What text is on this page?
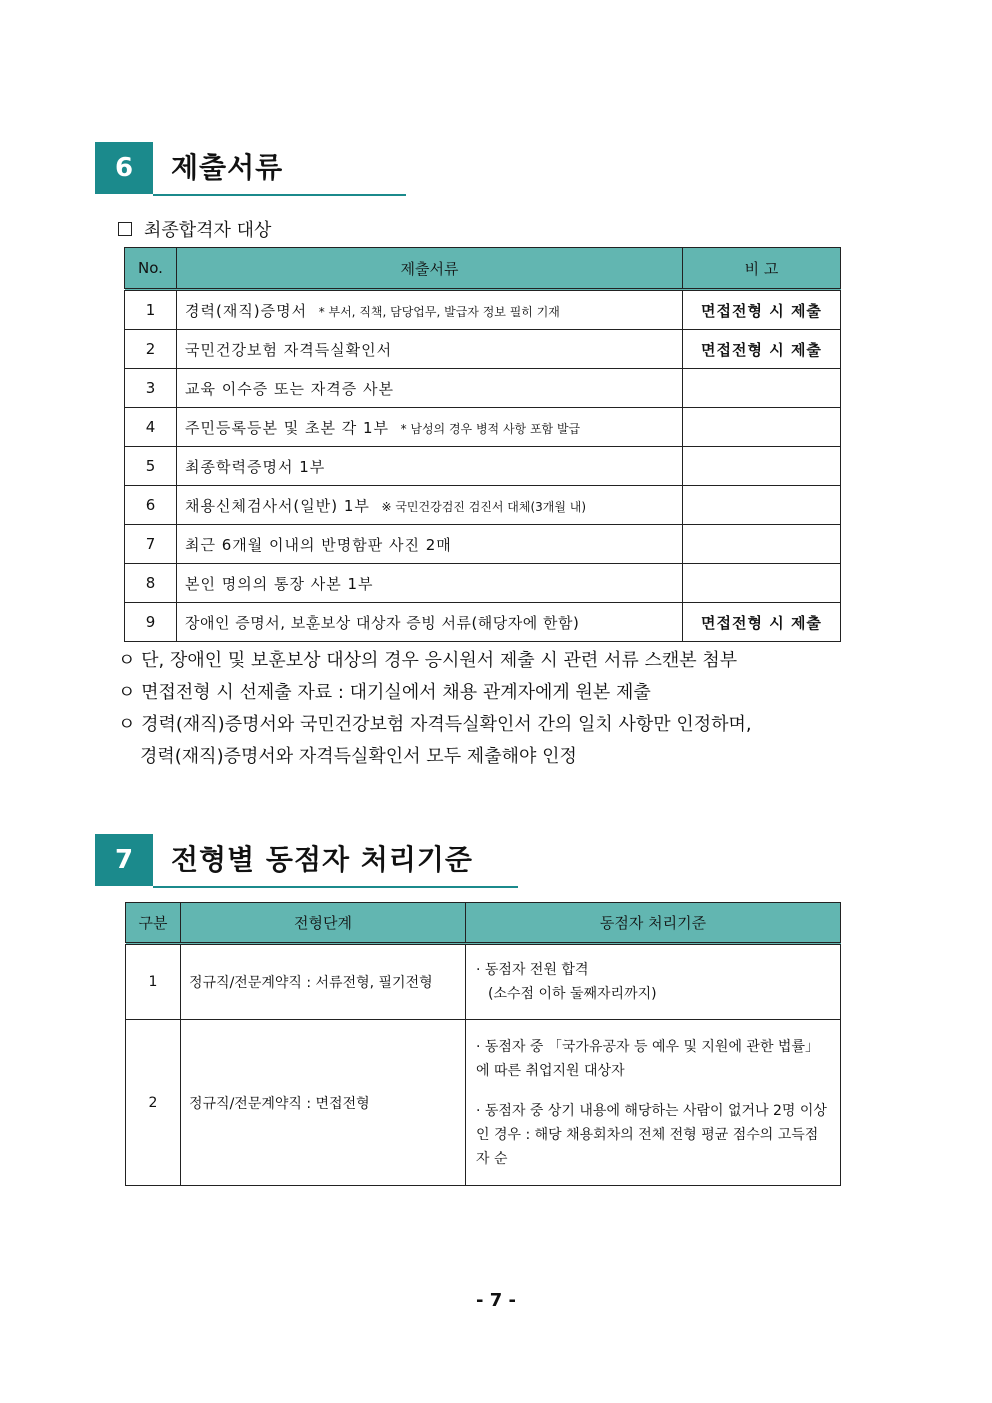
6	제출서류
최종합격자 대상
No.	제출서류	비 고
1	경력(재직)증명서 * 부서, 직책, 담당업무, 발급자 정보 필히 기재	면접전형 시 제출
2	국민건강보험 자격득실확인서	면접전형 시 제출
3	교육 이수증 또는 자격증 사본	
4	주민등록등본 및 초본 각 1부 * 남성의 경우 병적 사항 포함 발급	
5	최종학력증명서 1부	
6	채용신체검사서(일반) 1부 ※ 국민건강검진 검진서 대체(3개월 내)	
7	최근 6개월 이내의 반명함판 사진 2매	
8	본인 명의의 통장 사본 1부	
9	장애인 증명서, 보훈보상 대상자 증빙 서류(해당자에 한함)	면접전형 시 제출
ㅇ 단, 장애인 및 보훈보상 대상의 경우 응시원서 제출 시 관련 서류 스캔본 첨부
ㅇ 면접전형 시 선제출 자료 : 대기실에서 채용 관계자에게 원본 제출
ㅇ 경력(재직)증명서와 국민건강보험 자격득실확인서 간의 일치 사항만 인정하며,
경력(재직)증명서와 자격득실확인서 모두 제출해야 인정
7	전형별 동점자 처리기준
구분	전형단계	동점자 처리기준
1	정규직/전문계약직 : 서류전형, 필기전형	· 동점자 전원 합격
(소수점 이하 둘째자리까지)

2	정규직/전문계약직 : 면접전형	· 동점자 중 「국가유공자 등 예우 및 지원에 관한 법률」에 따른 취업지원 대상자
· 동점자 중 상기 내용에 해당하는 사람이 없거나 2명 이상인 경우 : 해당 채용회차의 전체 전형 평균 점수의 고득점자 순
- 7 -
